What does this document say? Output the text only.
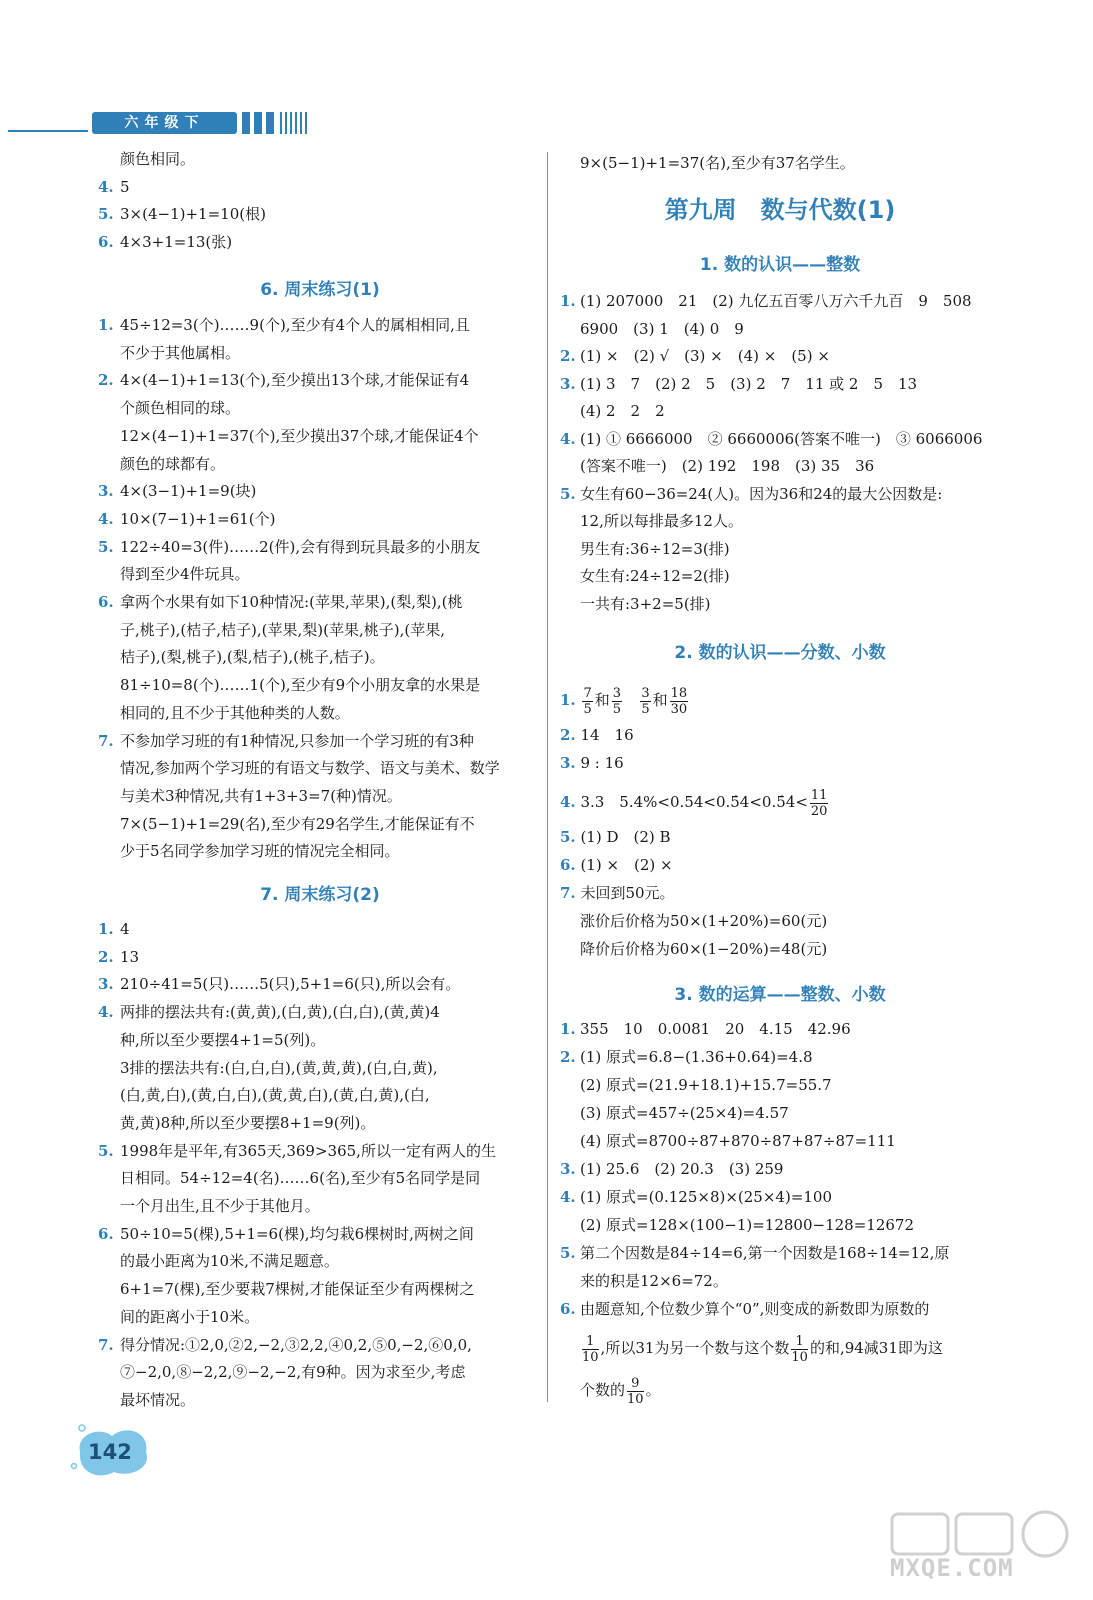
六年级下
颜色相同。
4. 5
5. 3×(4−1)+1=10(根)
6. 4×3+1=13(张)
6. 周末练习(1)
1. 45÷12=3(个)……9(个),至少有4个人的属相相同,且
不少于其他属相。
2. 4×(4−1)+1=13(个),至少摸出13个球,才能保证有4
个颜色相同的球。
12×(4−1)+1=37(个),至少摸出37个球,才能保证4个
颜色的球都有。
3. 4×(3−1)+1=9(块)
4. 10×(7−1)+1=61(个)
5. 122÷40=3(件)……2(件),会有得到玩具最多的小朋友
得到至少4件玩具。
6. 拿两个水果有如下10种情况:(苹果,苹果),(梨,梨),(桃
子,桃子),(桔子,桔子),(苹果,梨)(苹果,桃子),(苹果,
桔子),(梨,桃子),(梨,桔子),(桃子,桔子)。
81÷10=8(个)……1(个),至少有9个小朋友拿的水果是
相同的,且不少于其他种类的人数。
7. 不参加学习班的有1种情况,只参加一个学习班的有3种
情况,参加两个学习班的有语文与数学、语文与美术、数学
与美术3种情况,共有1+3+3=7(种)情况。
7×(5−1)+1=29(名),至少有29名学生,才能保证有不
少于5名同学参加学习班的情况完全相同。
7. 周末练习(2)
1. 4
2. 13
3. 210÷41=5(只)……5(只),5+1=6(只),所以会有。
4. 两排的摆法共有:(黄,黄),(白,黄),(白,白),(黄,黄)4
种,所以至少要摆4+1=5(列)。
3排的摆法共有:(白,白,白),(黄,黄,黄),(白,白,黄),
(白,黄,白),(黄,白,白),(黄,黄,白),(黄,白,黄),(白,
黄,黄)8种,所以至少要摆8+1=9(列)。
5. 1998年是平年,有365天,369>365,所以一定有两人的生
日相同。54÷12=4(名)……6(名),至少有5名同学是同
一个月出生,且不少于其他月。
6. 50÷10=5(棵),5+1=6(棵),均匀栽6棵树时,两树之间
的最小距离为10米,不满足题意。
6+1=7(棵),至少要栽7棵树,才能保证至少有两棵树之
间的距离小于10米。
7. 得分情况:①2,0,②2,−2,③2,2,④0,2,⑤0,−2,⑥0,0,
⑦−2,0,⑧−2,2,⑨−2,−2,有9种。因为求至少,考虑
最坏情况。
9×(5−1)+1=37(名),至少有37名学生。
第九周　数与代数(1)
1. 数的认识——整数
1. (1) 207000　21　(2) 九亿五百零八万六千九百　9　508
6900　(3) 1　(4) 0　9
2. (1) ×　(2) √　(3) ×　(4) ×　(5) ×
3. (1) 3　7　(2) 2　5　(3) 2　7　11 或 2　5　13
(4) 2　2　2
4. (1) ① 6666000　② 6660006(答案不唯一)　③ 6066006
(答案不唯一)　(2) 192　198　(3) 35　36
5. 女生有60−36=24(人)。因为36和24的最大公因数是:
12,所以每排最多12人。
男生有:36÷12=3(排)
女生有:24÷12=2(排)
一共有:3+2=5(排)
2. 数的认识——分数、小数
1. $\frac{7}{5}$ 和 $\frac{3}{5}$
$\frac{3}{5}$ 和 $\frac{18}{30}$
2. 14　16
3. 9 : 16
4. 3.3　5.4%<0.54<0.5̇4<0.5̇4̇< $\frac{11}{20}$
5. (1) D　(2) B
6. (1) ×　(2) ×
7. 未回到50元。
涨价后价格为50×(1+20%)=60(元)
降价后价格为60×(1−20%)=48(元)
3. 数的运算——整数、小数
1. 355　10　0.0081　20　4.15　42.96
2. (1) 原式=6.8−(1.36+0.64)=4.8
(2) 原式=(21.9+18.1)+15.7=55.7
(3) 原式=457÷(25×4)=4.57
(4) 原式=8700÷87+870÷87+87÷87=111
3. (1) 25.6　(2) 20.3　(3) 259
4. (1) 原式=(0.125×8)×(25×4)=100
(2) 原式=128×(100−1)=12800−128=12672
5. 第二个因数是84÷14=6,第一个因数是168÷14=12,原
来的积是12×6=72。
6. 由题意知,个位数少算个“0”,则变成的新数即为原数的
$\frac{1}{10}$ ,所以31为另一个数与这个数 $\frac{1}{10}$ 的和,94减31即为这
个数的 $\frac{9}{10}$ 。
142
MXQE.COM
